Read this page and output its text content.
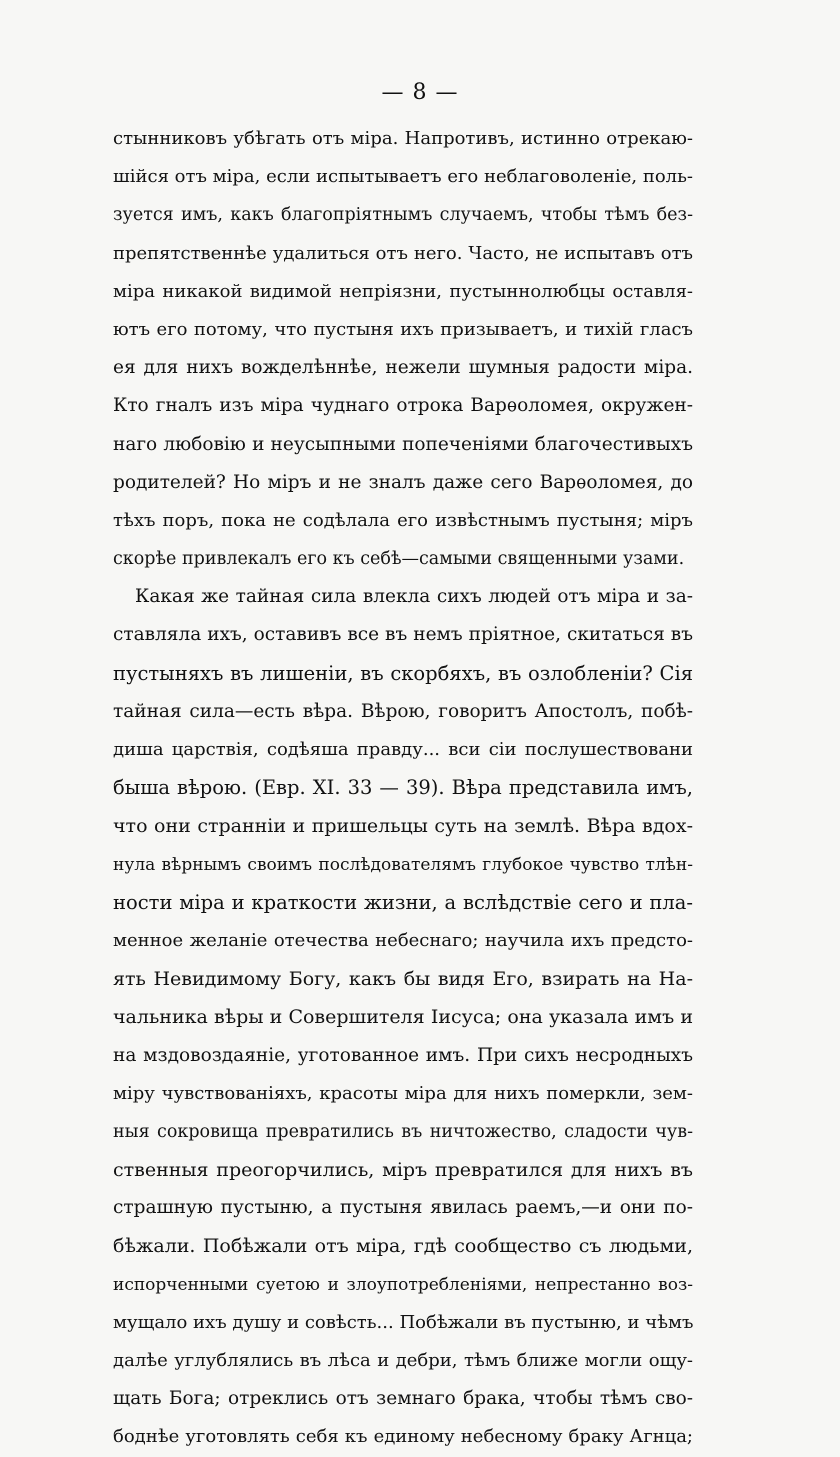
— 8 —

стынниковъ убѣгать отъ міра. Напротивъ, истинно отрекаю-
шійся отъ міра, если испытываетъ его неблаговоленіе, поль-
зуется имъ, какъ благопріятнымъ случаемъ, чтобы тѣмъ без-
препятственнѣе удалиться отъ него. Часто, не испытавъ отъ
міра никакой видимой непріязни, пустыннолюбцы оставля-
ютъ его потому, что пустыня ихъ призываетъ, и тихій гласъ
ея для нихъ вожделѣннѣе, нежели шумныя радости міра.
Кто гналъ изъ міра чуднаго отрока Варѳоломея, окружен-
наго любовію и неусыпными попеченіями благочестивыхъ
родителей? Но міръ и не зналъ даже сего Варѳоломея, до
тѣхъ поръ, пока не содѣлала его извѣстнымъ пустыня; міръ
скорѣе привлекалъ его къ себѣ—самыми священными узами.

Какая же тайная сила влекла сихъ людей отъ міра и за-
ставляла ихъ, оставивъ все въ немъ пріятное, скитаться въ
пустыняхъ въ лишеніи, въ скорбяхъ, въ озлобленіи? Сія
тайная сила—есть вѣра. Вѣрою, говоритъ Апостолъ, побѣ-
диша царствія, содѣяша правду... вси сіи послушествовани
быша вѣрою. (Евр. XI. 33 — 39). Вѣра представила имъ,
что они странніи и пришельцы суть на землѣ. Вѣра вдох-
нула вѣрнымъ своимъ послѣдователямъ глубокое чувство тлѣн-
ности міра и краткости жизни, а вслѣдствіе сего и пла-
менное желаніе отечества небеснаго; научила ихъ предсто-
ять Невидимому Богу, какъ бы видя Его, взирать на На-
чальника вѣры и Совершителя Іисуса; она указала имъ и
на мздовоздаяніе, уготованное имъ. При сихъ несродныхъ
міру чувствованіяхъ, красоты міра для нихъ померкли, зем-
ныя сокровища превратились въ ничтожество, сладости чув-
ственныя преогорчились, міръ превратился для нихъ въ
страшную пустыню, а пустыня явилась раемъ,—и они по-
бѣжали. Побѣжали отъ міра, гдѣ сообщество съ людьми,
испорченными суетою и злоупотребленіями, непрестанно воз-
мущало ихъ душу и совѣсть... Побѣжали въ пустыню, и чѣмъ
далѣе углублялись въ лѣса и дебри, тѣмъ ближе могли ощу-
щать Бога; отреклись отъ земнаго брака, чтобы тѣмъ сво-
боднѣе уготовлять себя къ единому небесному браку Агнца;
